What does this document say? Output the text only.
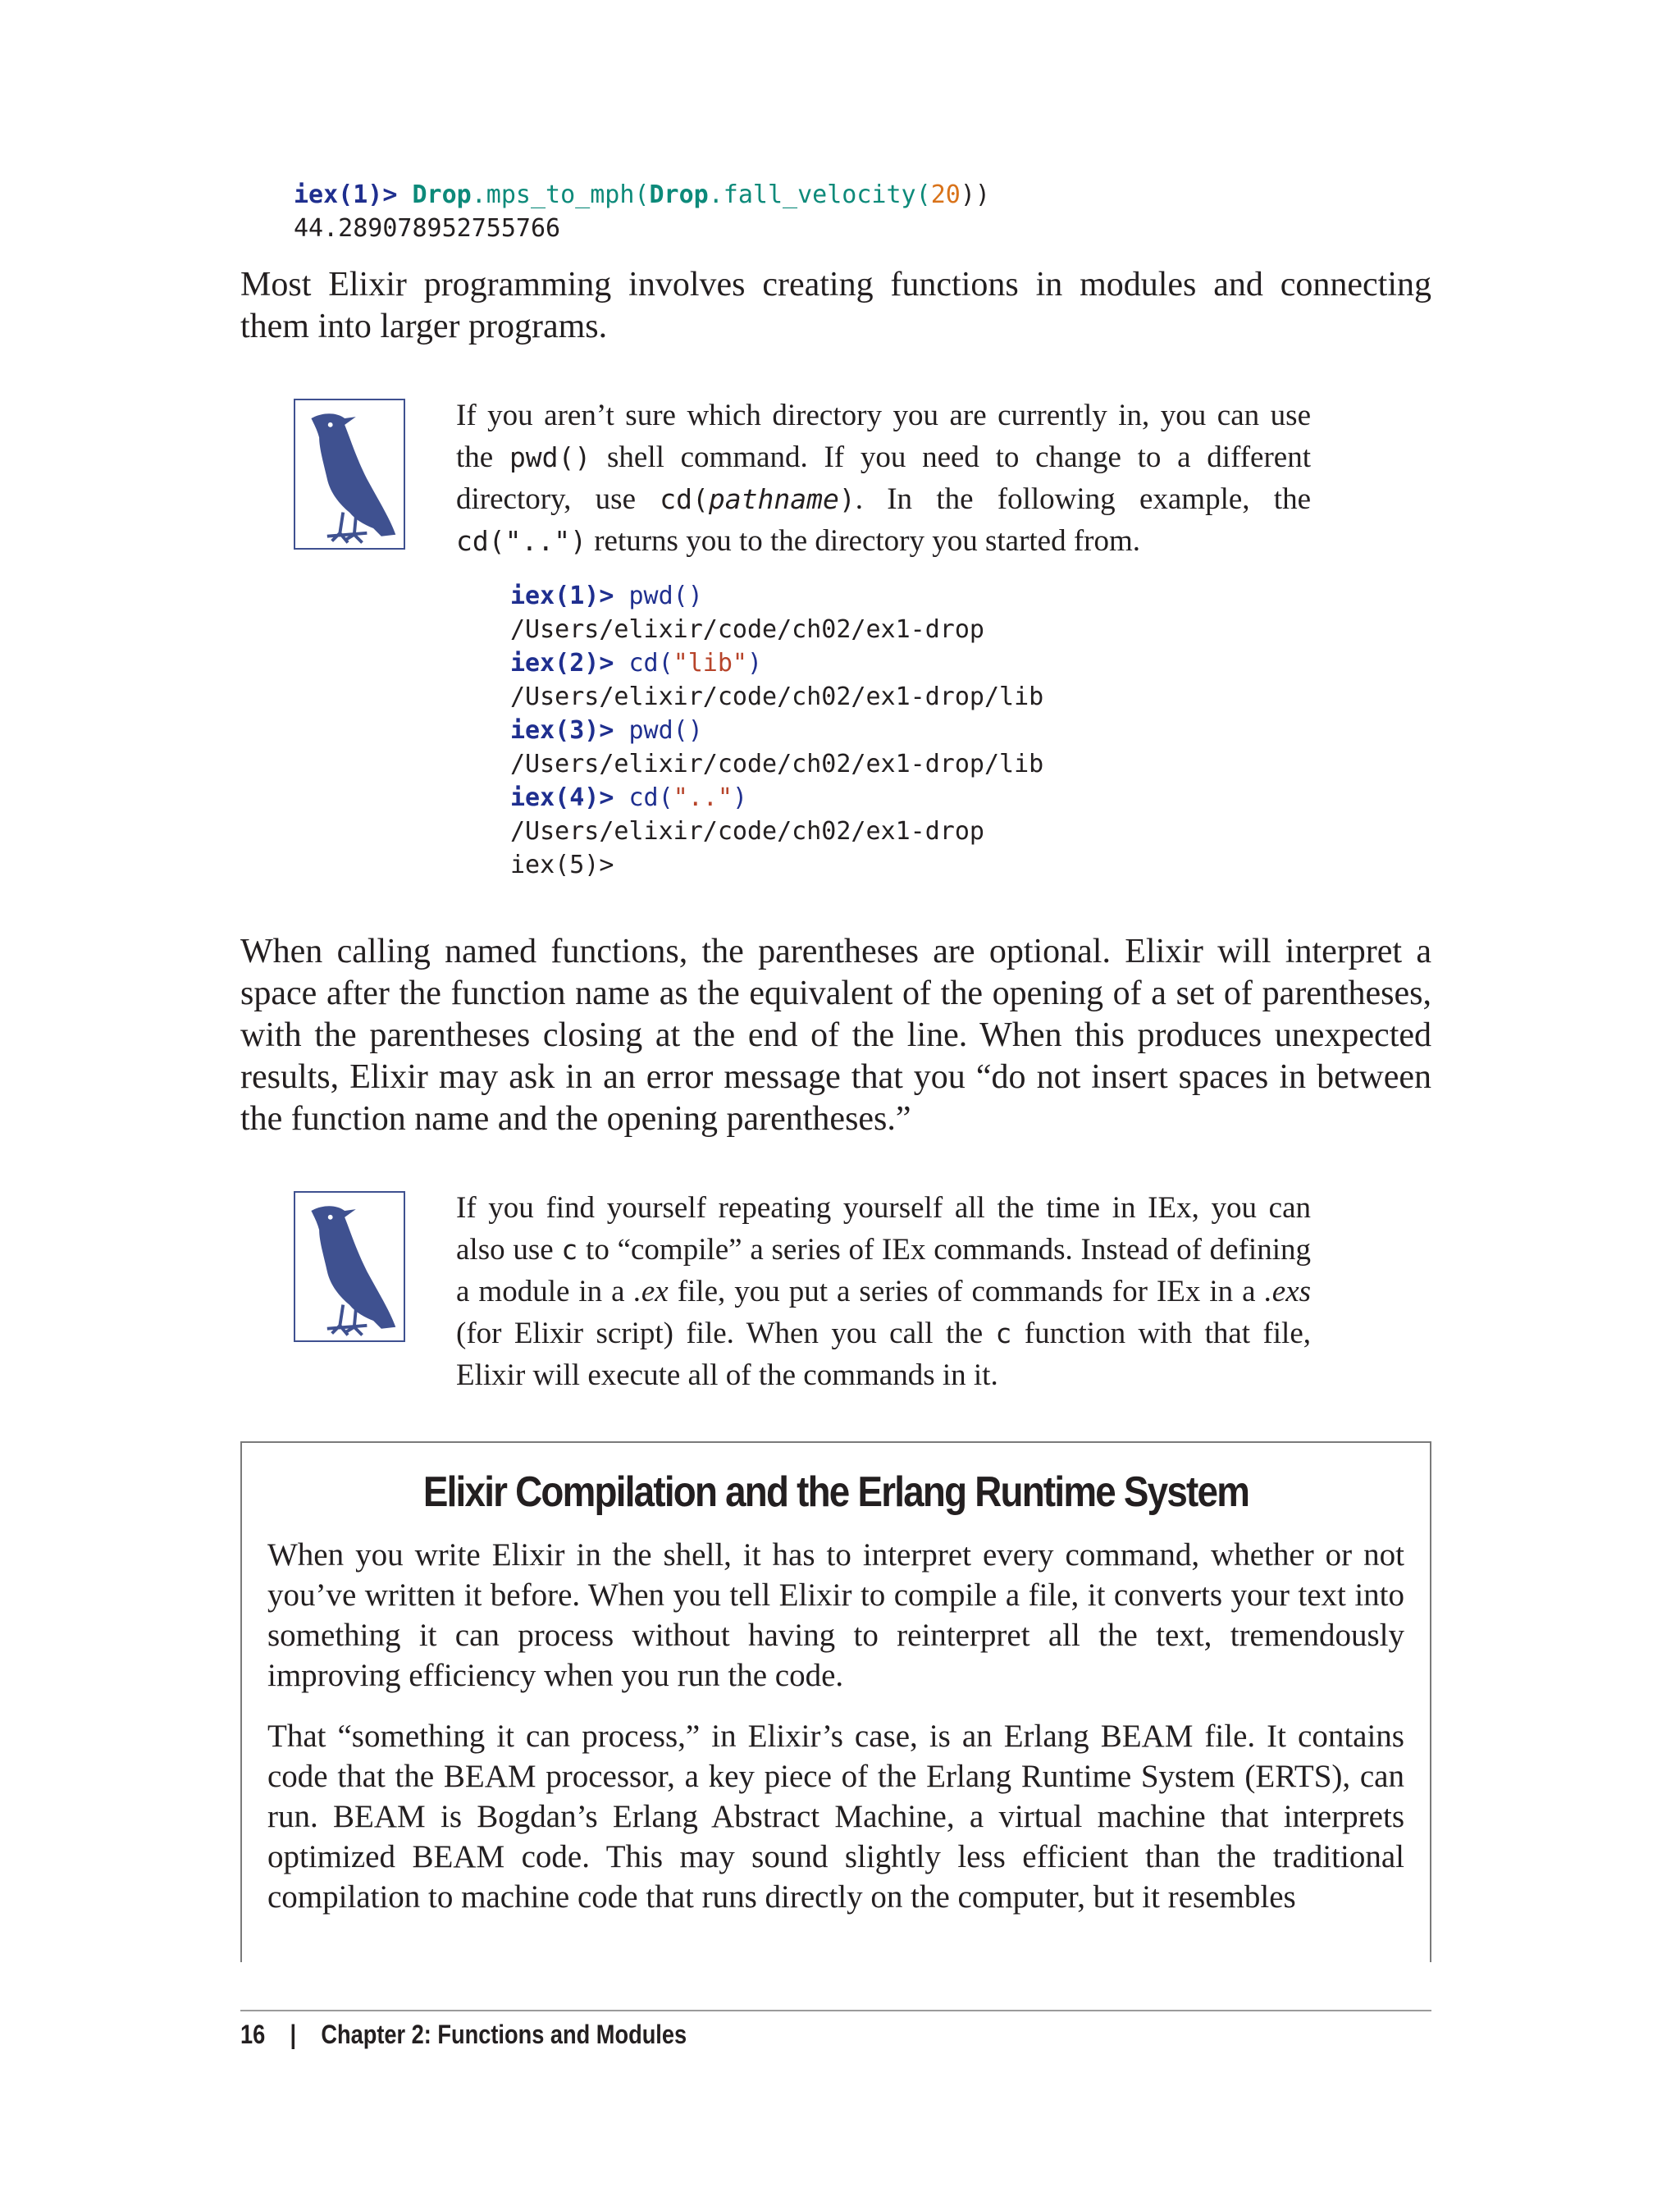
iex(1)> Drop.mps_to_mph(Drop.fall_velocity(20))
44.289078952755766

Most Elixir programming involves creating functions in modules and connecting them into larger programs.

If you aren’t sure which directory you are currently in, you can use the pwd() shell command. If you need to change to a different directory, use cd(pathname). In the following example, the cd("..") returns you to the directory you started from.

iex(1)> pwd()
/Users/elixir/code/ch02/ex1-drop
iex(2)> cd("lib")
/Users/elixir/code/ch02/ex1-drop/lib
iex(3)> pwd()
/Users/elixir/code/ch02/ex1-drop/lib
iex(4)> cd("..")
/Users/elixir/code/ch02/ex1-drop
iex(5)>

When calling named functions, the parentheses are optional. Elixir will interpret a space after the function name as the equivalent of the opening of a set of parentheses, with the parentheses closing at the end of the line. When this produces unexpected results, Elixir may ask in an error message that you “do not insert spaces in between the function name and the opening parentheses.”

If you find yourself repeating yourself all the time in IEx, you can also use c to “compile” a series of IEx commands. Instead of defining a module in a .ex file, you put a series of commands for IEx in a .exs (for Elixir script) file. When you call the c function with that file, Elixir will execute all of the commands in it.

Elixir Compilation and the Erlang Runtime System

When you write Elixir in the shell, it has to interpret every command, whether or not you’ve written it before. When you tell Elixir to compile a file, it converts your text into something it can process without having to reinterpret all the text, tremendously improving efficiency when you run the code.

That “something it can process,” in Elixir’s case, is an Erlang BEAM file. It contains code that the BEAM processor, a key piece of the Erlang Runtime System (ERTS), can run. BEAM is Bogdan’s Erlang Abstract Machine, a virtual machine that interprets optimized BEAM code. This may sound slightly less efficient than the traditional compilation to machine code that runs directly on the computer, but it resembles

16 | Chapter 2: Functions and Modules
